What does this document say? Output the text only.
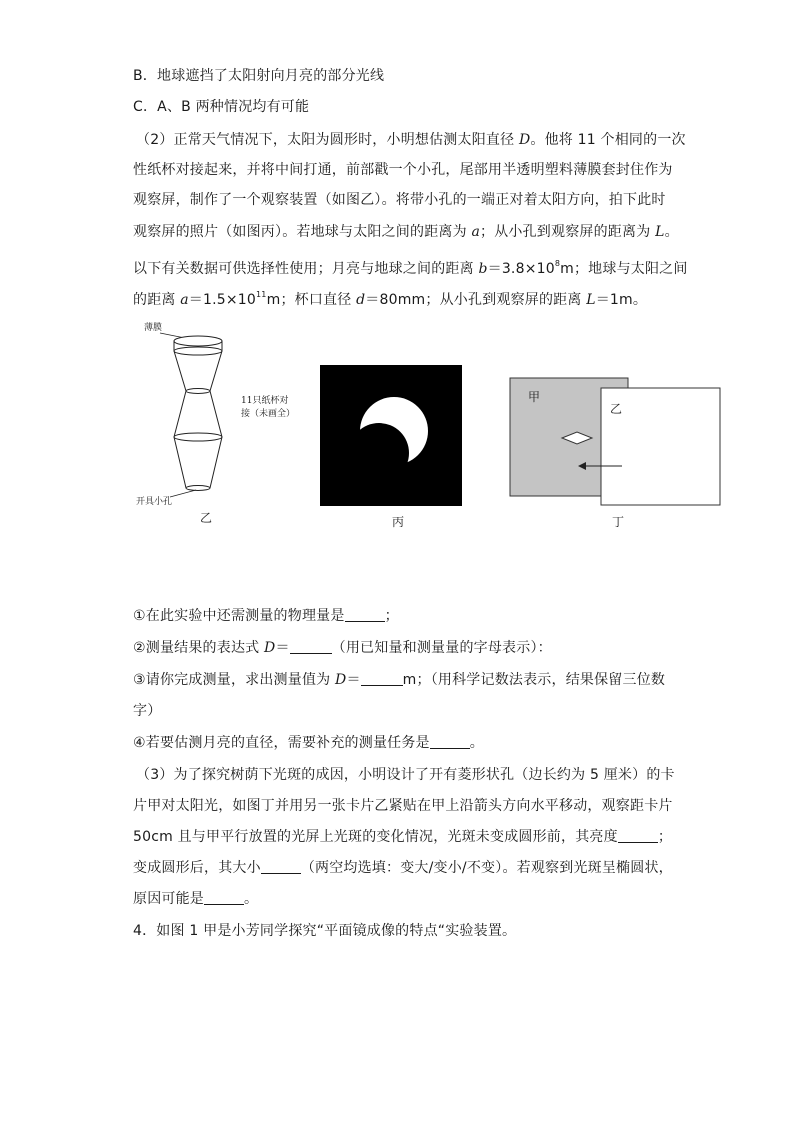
B．地球遮挡了太阳射向月亮的部分光线
C．A、B 两种情况均有可能
（2）正常天气情况下，太阳为圆形时，小明想估测太阳直径 D。他将 11 个相同的一次
性纸杯对接起来，并将中间打通，前部戳一个小孔，尾部用半透明塑料薄膜套封住作为
观察屏，制作了一个观察装置（如图乙）。将带小孔的一端正对着太阳方向，拍下此时
观察屏的照片（如图丙）。若地球与太阳之间的距离为 a；从小孔到观察屏的距离为 L。
以下有关数据可供选择性使用；月亮与地球之间的距离 $b=3.8\times 10^8m$；地球与太阳之间
的距离 $a=1.5\times 10^{11}m$；杯口直径 d＝80mm；从小孔到观察屏的距离 L＝1m。
薄膜
开具小孔
11只纸杯对
接（未画全）
乙	丙
甲
乙
丁
①在此实验中还需测量的物理量是	；
②测量结果的表达式 D＝	（用已知量和测量量的字母表示）：
③请你完成测量，求出测量值为 D＝	m；（用科学记数法表示，结果保留三位数
字）
④若要估测月亮的直径，需要补充的测量任务是	。
（3）为了探究树荫下光斑的成因，小明设计了开有菱形状孔（边长约为 5 厘米）的卡
片甲对太阳光，如图丁并用另一张卡片乙紧贴在甲上沿箭头方向水平移动，观察距卡片
50cm 且与甲平行放置的光屏上光斑的变化情况，光斑未变成圆形前，其亮度	；
变成圆形后，其大小	（两空均选填：变大/变小/不变）。若观察到光斑呈椭圆状，
原因可能是	。
4．如图 1 甲是小芳同学探究“平面镜成像的特点“实验装置。
